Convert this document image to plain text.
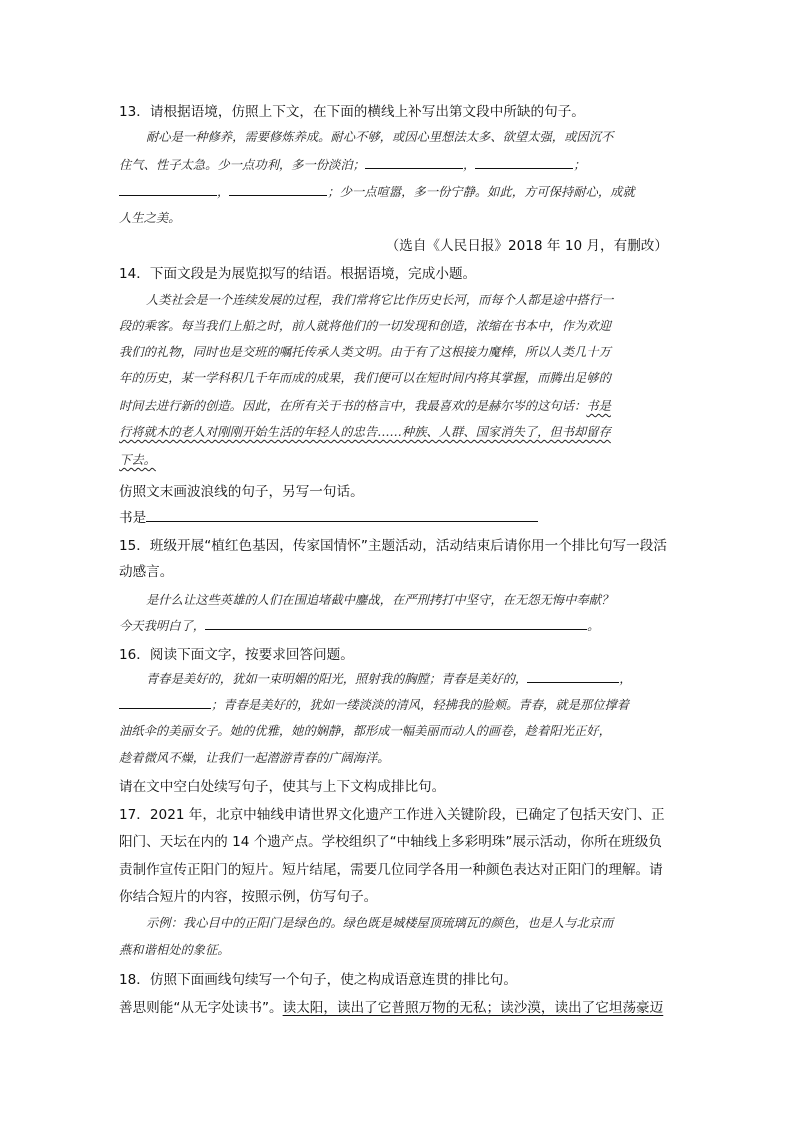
13．请根据语境，仿照上下文，在下面的横线上补写出第文段中所缺的句子。
耐心是一种修养，需要修炼养成。耐心不够，或因心里想法太多、欲望太强，或因沉不
住气、性子太急。少一点功利，多一份淡泊；	，	；
，	；少一点喧嚣，多一份宁静。如此，方可保持耐心，成就
人生之美。
（选自《人民日报》2018 年 10 月，有删改）
14．下面文段是为展览拟写的结语。根据语境，完成小题。
人类社会是一个连续发展的过程，我们常将它比作历史长河，而每个人都是途中搭行一
段的乘客。每当我们上船之时，前人就将他们的一切发现和创造，浓缩在书本中，作为欢迎
我们的礼物，同时也是交班的嘱托传承人类文明。由于有了这根接力魔棒，所以人类几十万
年的历史，某一学科积几千年而成的成果，我们便可以在短时间内将其掌握，而腾出足够的
时间去进行新的创造。因此，在所有关于书的格言中，我最喜欢的是赫尔岑的这句话：书是
行将就木的老人对刚刚开始生活的年轻人的忠告……种族、人群、国家消失了，但书却留存
下去。
仿照文末画波浪线的句子，另写一句话。
书是
15．班级开展“植红色基因，传家国情怀”主题活动，活动结束后请你用一个排比句写一段活
动感言。
是什么让这些英雄的人们在围追堵截中鏖战，在严刑拷打中坚守，在无怨无悔中奉献？
今天我明白了，	。
16．阅读下面文字，按要求回答问题。
青春是美好的，犹如一束明媚的阳光，照射我的胸膛；青春是美好的，	，
；青春是美好的，犹如一缕淡淡的清风，轻拂我的脸颊。青春，就是那位撑着
油纸伞的美丽女子。她的优雅，她的娴静，都形成一幅美丽而动人的画卷，趁着阳光正好，
趁着微风不燥，让我们一起潜游青春的广阔海洋。
请在文中空白处续写句子，使其与上下文构成排比句。
17．2021 年，北京中轴线申请世界文化遗产工作进入关键阶段，已确定了包括天安门、正
阳门、天坛在内的 14 个遗产点。学校组织了“中轴线上多彩明珠”展示活动，你所在班级负
责制作宣传正阳门的短片。短片结尾，需要几位同学各用一种颜色表达对正阳门的理解。请
你结合短片的内容，按照示例，仿写句子。
示例：我心目中的正阳门是绿色的。绿色既是城楼屋顶琉璃瓦的颜色，也是人与北京而
燕和谐相处的象征。
18．仿照下面画线句续写一个句子，使之构成语意连贯的排比句。
善思则能“从无字处读书”。读太阳，读出了它普照万物的无私；读沙漠，读出了它坦荡豪迈
